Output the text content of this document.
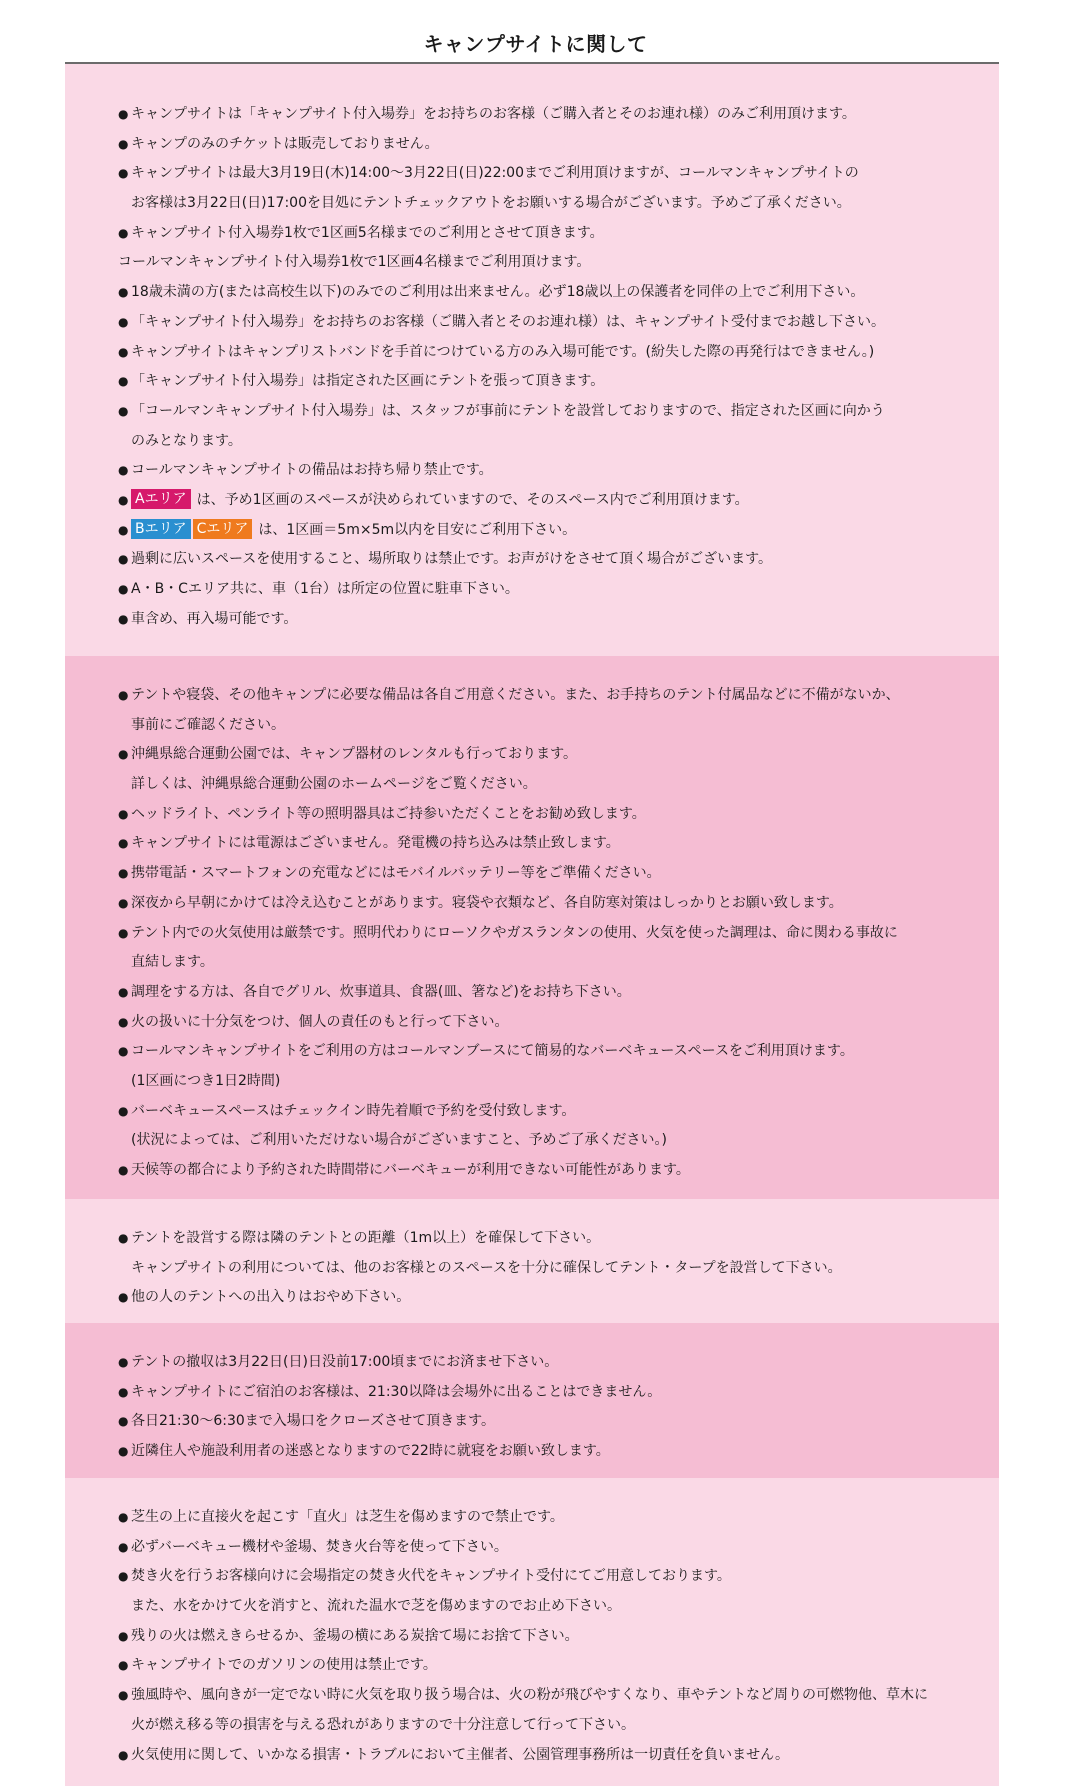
キャンプサイトに関して
● キャンプサイトは「キャンプサイト付入場券」をお持ちのお客様（ご購入者とそのお連れ様）のみご利用頂けます。
● キャンプのみのチケットは販売しておりません。
● キャンプサイトは最大3月19日(木)14:00〜3月22日(日)22:00までご利用頂けますが、コールマンキャンプサイトの
お客様は3月22日(日)17:00を目処にテントチェックアウトをお願いする場合がございます。予めご了承ください。
● キャンプサイト付入場券1枚で1区画5名様までのご利用とさせて頂きます。
コールマンキャンプサイト付入場券1枚で1区画4名様までご利用頂けます。
● 18歳未満の方(または高校生以下)のみでのご利用は出来ません。必ず18歳以上の保護者を同伴の上でご利用下さい。
● 「キャンプサイト付入場券」をお持ちのお客様（ご購入者とそのお連れ様）は、キャンプサイト受付までお越し下さい。
● キャンプサイトはキャンプリストバンドを手首につけている方のみ入場可能です。(紛失した際の再発行はできません。)
● 「キャンプサイト付入場券」は指定された区画にテントを張って頂きます。
● 「コールマンキャンプサイト付入場券」は、スタッフが事前にテントを設営しておりますので、指定された区画に向かう
のみとなります。
● コールマンキャンプサイトの備品はお持ち帰り禁止です。
● Aエリア は、予め1区画のスペースが決められていますので、そのスペース内でご利用頂けます。
● Bエリア Cエリア は、1区画＝5m×5m以内を目安にご利用下さい。
● 過剰に広いスペースを使用すること、場所取りは禁止です。お声がけをさせて頂く場合がございます。
● A・B・Cエリア共に、車（1台）は所定の位置に駐車下さい。
● 車含め、再入場可能です。
● テントや寝袋、その他キャンプに必要な備品は各自ご用意ください。また、お手持ちのテント付属品などに不備がないか、
事前にご確認ください。
● 沖縄県総合運動公園では、キャンプ器材のレンタルも行っております。
詳しくは、沖縄県総合運動公園のホームページをご覧ください。
● ヘッドライト、ペンライト等の照明器具はご持参いただくことをお勧め致します。
● キャンプサイトには電源はございません。発電機の持ち込みは禁止致します。
● 携帯電話・スマートフォンの充電などにはモバイルバッテリー等をご準備ください。
● 深夜から早朝にかけては冷え込むことがあります。寝袋や衣類など、各自防寒対策はしっかりとお願い致します。
● テント内での火気使用は厳禁です。照明代わりにローソクやガスランタンの使用、火気を使った調理は、命に関わる事故に
直結します。
● 調理をする方は、各自でグリル、炊事道具、食器(皿、箸など)をお持ち下さい。
● 火の扱いに十分気をつけ、個人の責任のもと行って下さい。
● コールマンキャンプサイトをご利用の方はコールマンブースにて簡易的なバーベキュースペースをご利用頂けます。
(1区画につき1日2時間)
● バーベキュースペースはチェックイン時先着順で予約を受付致します。
(状況によっては、ご利用いただけない場合がございますこと、予めご了承ください。)
● 天候等の都合により予約された時間帯にバーベキューが利用できない可能性があります。
● テントを設営する際は隣のテントとの距離（1m以上）を確保して下さい。
キャンプサイトの利用については、他のお客様とのスペースを十分に確保してテント・タープを設営して下さい。
● 他の人のテントへの出入りはおやめ下さい。
● テントの撤収は3月22日(日)日没前17:00頃までにお済ませ下さい。
● キャンプサイトにご宿泊のお客様は、21:30以降は会場外に出ることはできません。
● 各日21:30〜6:30まで入場口をクローズさせて頂きます。
● 近隣住人や施設利用者の迷惑となりますので22時に就寝をお願い致します。
● 芝生の上に直接火を起こす「直火」は芝生を傷めますので禁止です。
● 必ずバーベキュー機材や釜場、焚き火台等を使って下さい。
● 焚き火を行うお客様向けに会場指定の焚き火代をキャンプサイト受付にてご用意しております。
また、水をかけて火を消すと、流れた温水で芝を傷めますのでお止め下さい。
● 残りの火は燃えきらせるか、釜場の横にある炭捨て場にお捨て下さい。
● キャンプサイトでのガソリンの使用は禁止です。
● 強風時や、風向きが一定でない時に火気を取り扱う場合は、火の粉が飛びやすくなり、車やテントなど周りの可燃物他、草木に
火が燃え移る等の損害を与える恐れがありますので十分注意して行って下さい。
● 火気使用に関して、いかなる損害・トラブルにおいて主催者、公園管理事務所は一切責任を負いません。
